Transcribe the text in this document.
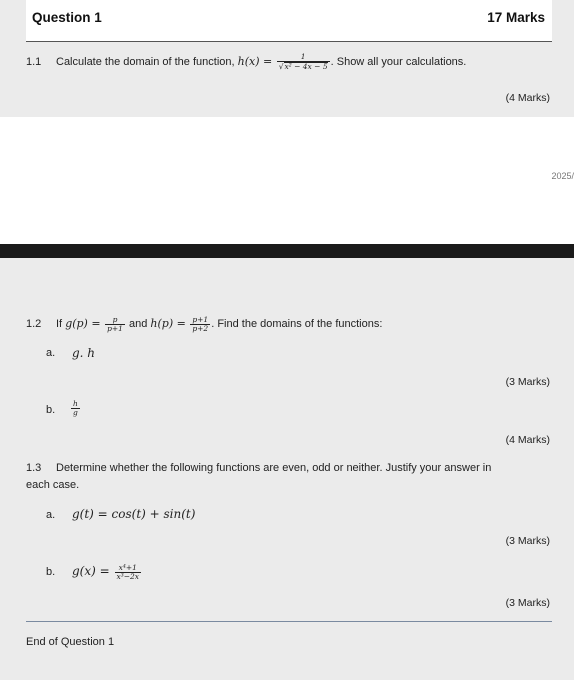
Question 1	17 Marks
1.1 Calculate the domain of the function, $h(x) = \frac{1}{\text{√x² − 4x − 5}}$ . Show all your calculations.
(4 Marks)
2025/
1.2 If $g(p) = \frac{p}{p+1}$ and $h(p) = \frac{p+1}{p+2}$ . Find the domains of the functions:
a. g. h
(3 Marks)
b. $\frac{h}{g}$
(4 Marks)
1.3 Determine whether the following functions are even, odd or neither. Justify your answer in
each case.
a. g(t) = cos(t) + sin(t)
(3 Marks)
b. $g(x) = \frac{\text{x⁴+1}}{\text{x³−2x}}$
(3 Marks)
End of Question 1
